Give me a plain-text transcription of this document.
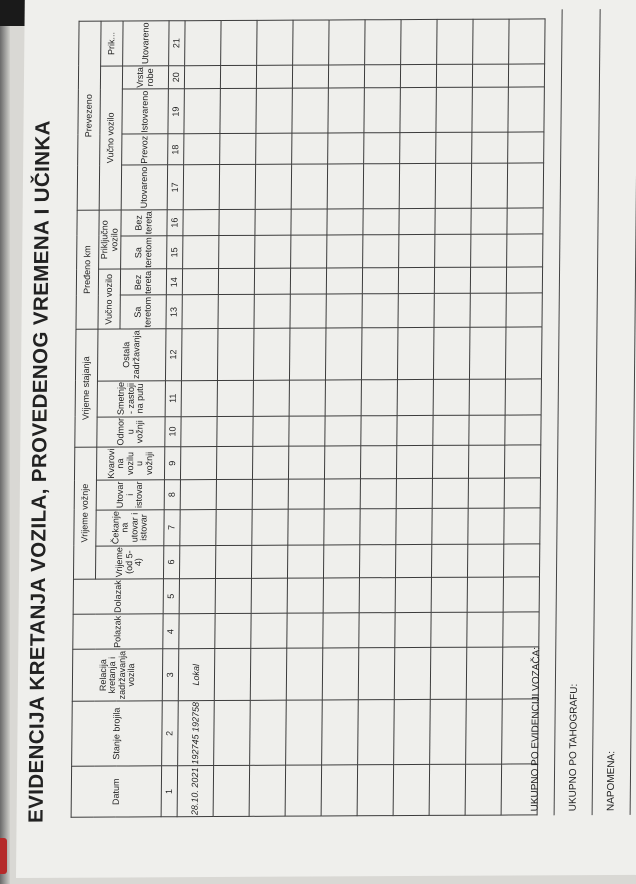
EVIDENCIJA KRETANJA VOZILA, PROVEDENOG VREMENA I UČINKA	Datum	Stanje brojila	Relacija kretanja i zadržavanja vozila	Polazak	Dolazak	Vrijeme vožnje				Vrijeme stajanja			Pređeno km				Prevezeno				
					Vrijeme (od 5-4)	Čekanje na utovar i istovar	Utovar i istovar	Kvarovi na vozilu u vožnji	Odmor u vožnji	Smetnje - zastoji na putu	Ostala zadržavanja	Vučno vozilo		Priključno vozilo		Vučno vozilo				Prik...
												Sa teretom	Bez tereta	Sa teretom	Bez tereta	Utovareno	Prevoz	Istovareno	Vrsta robe	Utovareno
1	2	3	4	5	6	7	8	9	10	11	12	13	14	15	16	17	18	19	20	21
28.10. 2021	192745 192758	Lokal																		

																					UKUPNO PO EVIDENCIJI VOZAČA:	UKUPNO PO TAHOGRAFU:	NAPOMENA:
